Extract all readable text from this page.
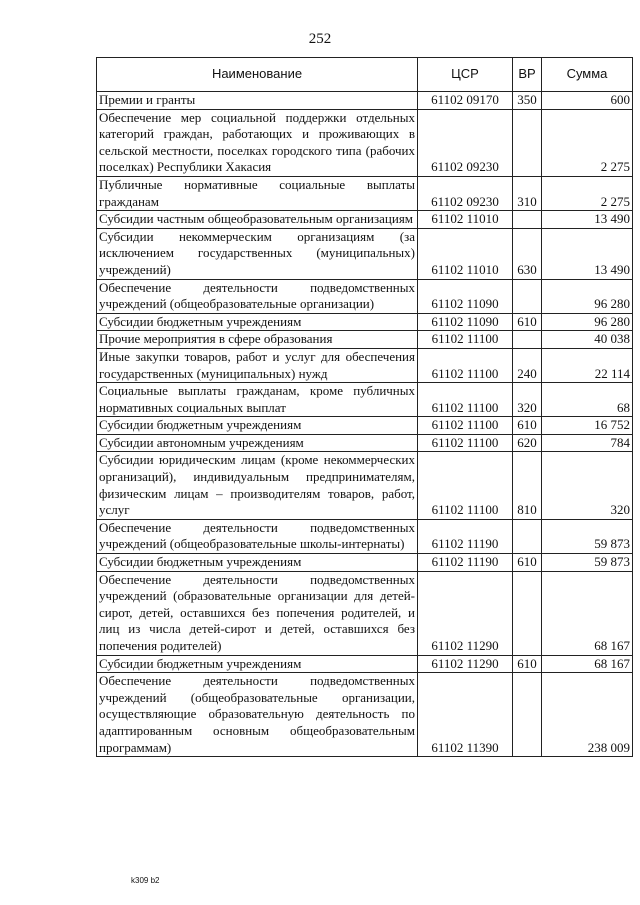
252
Наименование	ЦСР	ВР	Сумма
Премии и гранты	61102 09170	350	600
Обеспечение мер социальной поддержки отдельных категорий граждан, работающих и проживающих в сельской местности, поселках городского типа (рабочих поселках) Республики Хакасия	61102 09230		2 275
Публичные нормативные социальные выплаты гражданам	61102 09230	310	2 275
Субсидии частным общеобразовательным организациям	61102 11010		13 490
Субсидии некоммерческим организациям (за исключением государственных (муниципальных) учреждений)	61102 11010	630	13 490
Обеспечение деятельности подведомственных учреждений (общеобразовательные организации)	61102 11090		96 280
Субсидии бюджетным учреждениям	61102 11090	610	96 280
Прочие мероприятия в сфере образования	61102 11100		40 038
Иные закупки товаров, работ и услуг для обеспечения государственных (муниципальных) нужд	61102 11100	240	22 114
Социальные выплаты гражданам, кроме публичных нормативных социальных выплат	61102 11100	320	68
Субсидии бюджетным учреждениям	61102 11100	610	16 752
Субсидии автономным учреждениям	61102 11100	620	784
Субсидии юридическим лицам (кроме некоммерческих организаций), индивидуальным предпринимателям, физическим лицам – производителям товаров, работ, услуг	61102 11100	810	320
Обеспечение деятельности подведомственных учреждений (общеобразовательные школы-интернаты)	61102 11190		59 873
Субсидии бюджетным учреждениям	61102 11190	610	59 873
Обеспечение деятельности подведомственных учреждений (образовательные организации для детей-сирот, детей, оставшихся без попечения родителей, и лиц из числа детей-сирот и детей, оставшихся без попечения родителей)	61102 11290		68 167
Субсидии бюджетным учреждениям	61102 11290	610	68 167
Обеспечение деятельности подведомственных учреждений (общеобразовательные организации, осуществляющие образовательную деятельность по адаптированным основным общеобразовательным программам)	61102 11390		238 009
k309 b2
